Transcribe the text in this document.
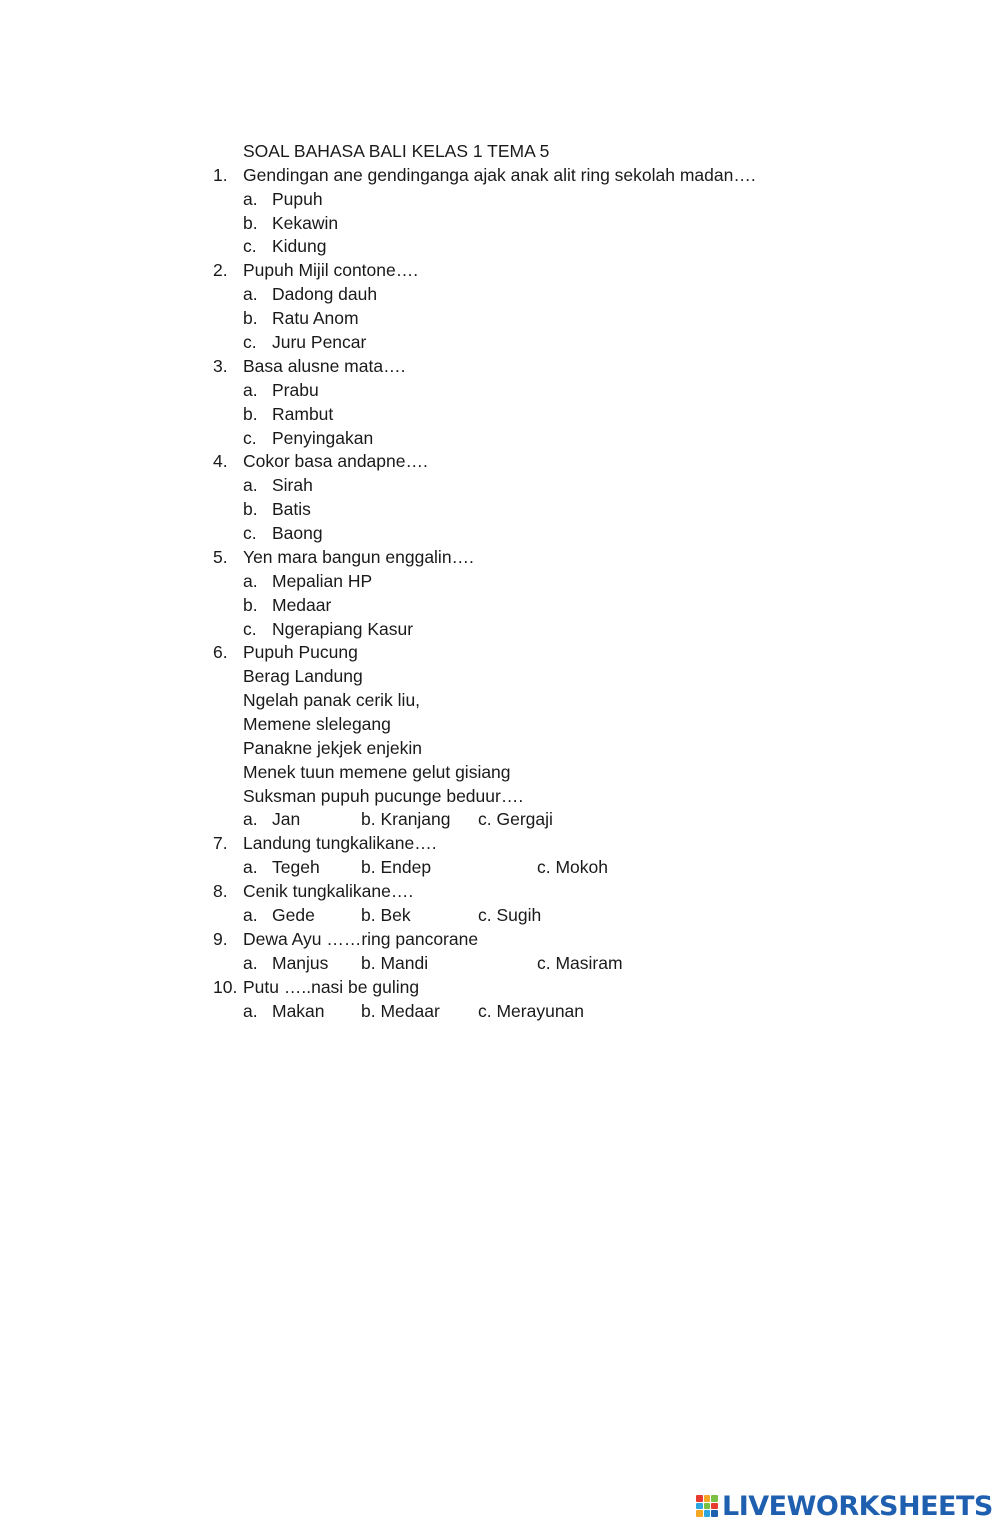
SOAL BAHASA BALI KELAS 1 TEMA 5
1. Gendingan ane gendinganga ajak anak alit ring sekolah madan….
a. Pupuh
b. Kekawin
c. Kidung
2. Pupuh Mijil contone….
a. Dadong dauh
b. Ratu Anom
c. Juru Pencar
3. Basa alusne mata….
a. Prabu
b. Rambut
c. Penyingakan
4. Cokor basa andapne….
a. Sirah
b. Batis
c. Baong
5. Yen mara bangun enggalin….
a. Mepalian HP
b. Medaar
c. Ngerapiang Kasur
6. Pupuh Pucung
Berag Landung
Ngelah panak cerik liu,
Memene slelegang
Panakne jekjek enjekin
Menek tuun memene gelut gisiang
Suksman pupuh pucunge beduur….
a. Jan	b. Kranjang c. Gergaji
7. Landung tungkalikane….
a. Tegeh b. Endep	c. Mokoh
8. Cenik tungkalikane….
a. Gede	b. Bek	c. Sugih
9. Dewa Ayu ……ring pancorane
a. Manjus b. Mandi	c. Masiram
10. Putu …..nasi be guling
a. Makan b. Medaar c. Merayunan
LIVEWORKSHEETS
